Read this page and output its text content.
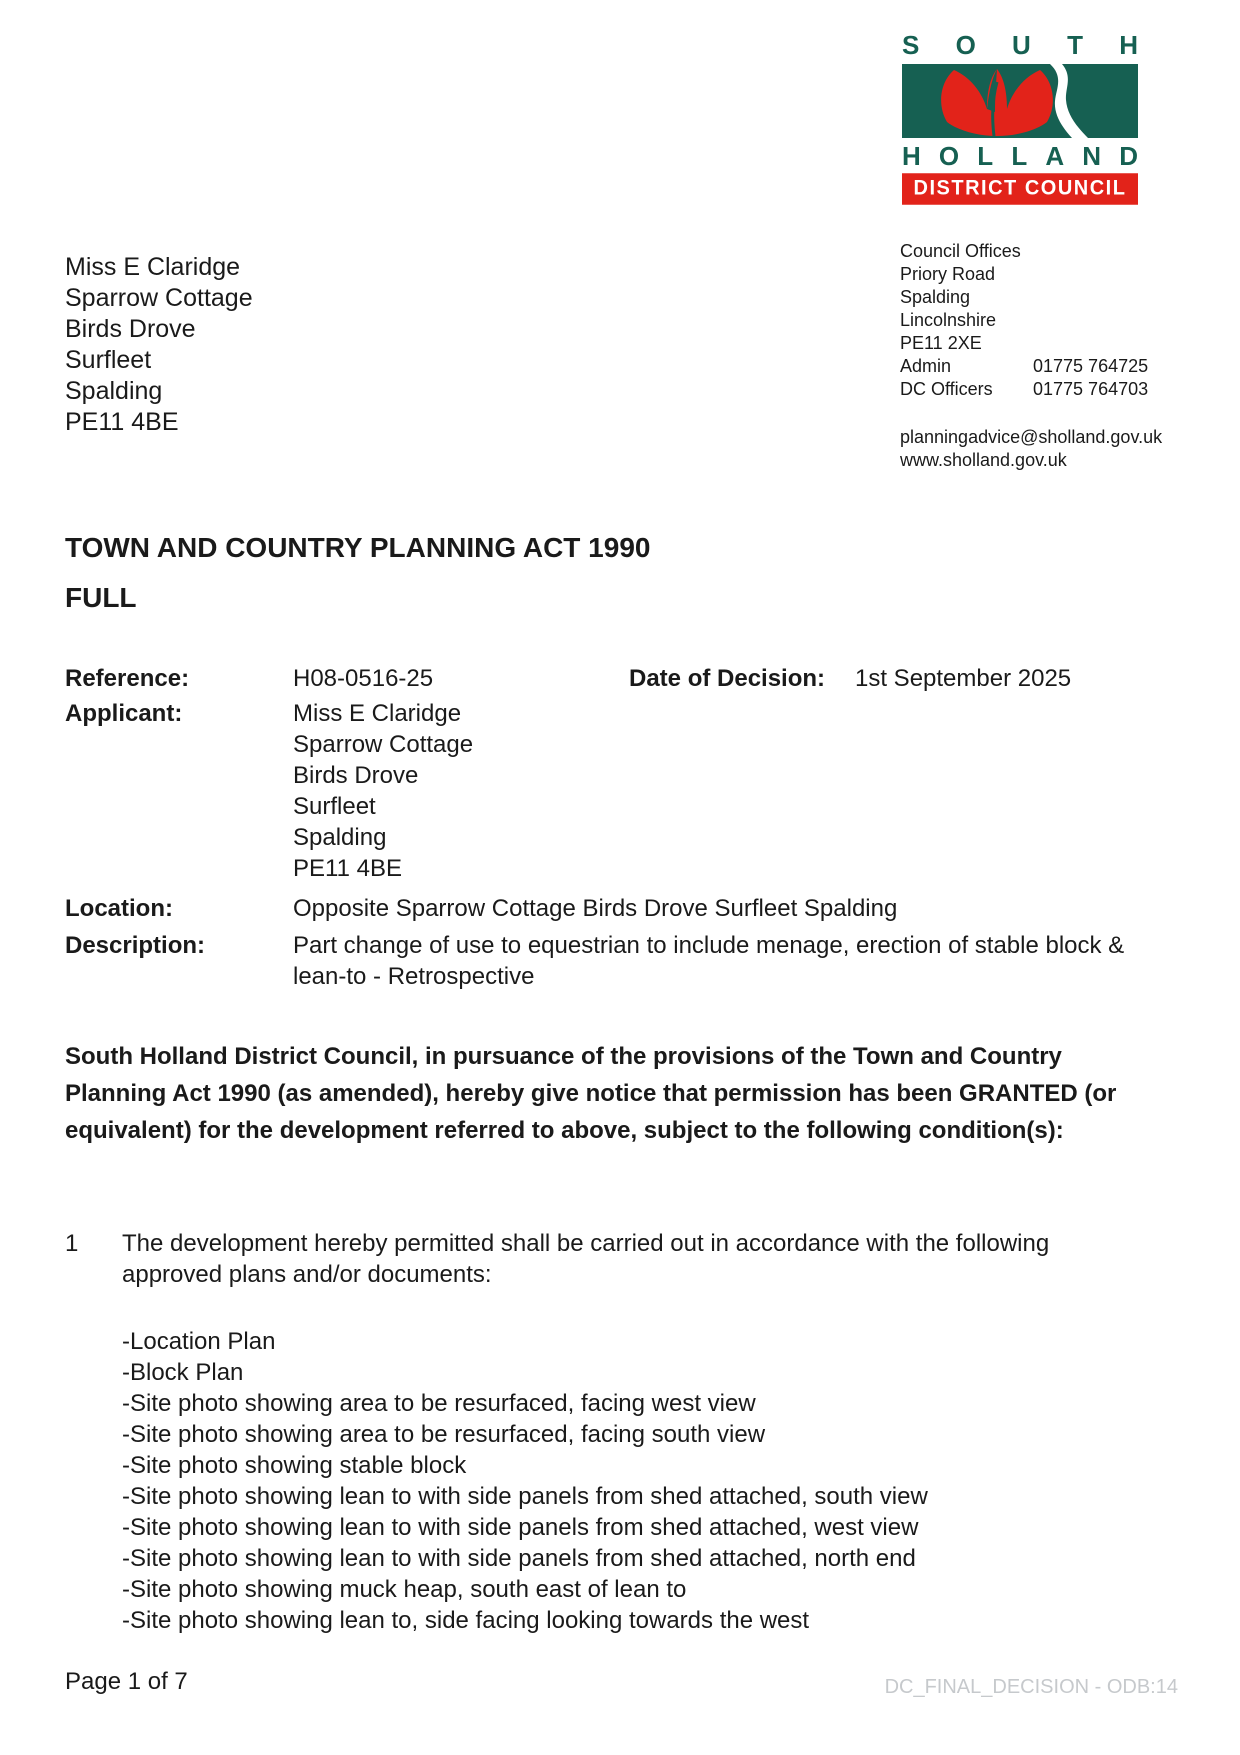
S O U T H
H O L L A N D
DISTRICT COUNCIL
Miss E Claridge
Sparrow Cottage
Birds Drove
Surfleet
Spalding
PE11 4BE
Council Offices
Priory Road
Spalding
Lincolnshire
PE11 2XE
Admin	01775 764725
DC Officers	01775 764703
planningadvice@sholland.gov.uk
www.sholland.gov.uk
TOWN AND COUNTRY PLANNING ACT 1990
FULL
Reference:	H08-0516-25	Date of Decision:	1st September 2025
Applicant:	Miss E Claridge
Sparrow Cottage
Birds Drove
Surfleet
Spalding
PE11 4BE
Location:	Opposite Sparrow Cottage Birds Drove Surfleet Spalding
Description:	Part change of use to equestrian to include menage, erection of stable block & lean-to - Retrospective
South Holland District Council, in pursuance of the provisions of the Town and Country Planning Act 1990 (as amended), hereby give notice that permission has been GRANTED (or equivalent) for the development referred to above, subject to the following condition(s):
1	The development hereby permitted shall be carried out in accordance with the following approved plans and/or documents:
-Location Plan
-Block Plan
-Site photo showing area to be resurfaced, facing west view
-Site photo showing area to be resurfaced, facing south view
-Site photo showing stable block
-Site photo showing lean to with side panels from shed attached, south view
-Site photo showing lean to with side panels from shed attached, west view
-Site photo showing lean to with side panels from shed attached, north end
-Site photo showing muck heap, south east of lean to
-Site photo showing lean to, side facing looking towards the west
Page 1 of 7	DC_FINAL_DECISION - ODB:14
